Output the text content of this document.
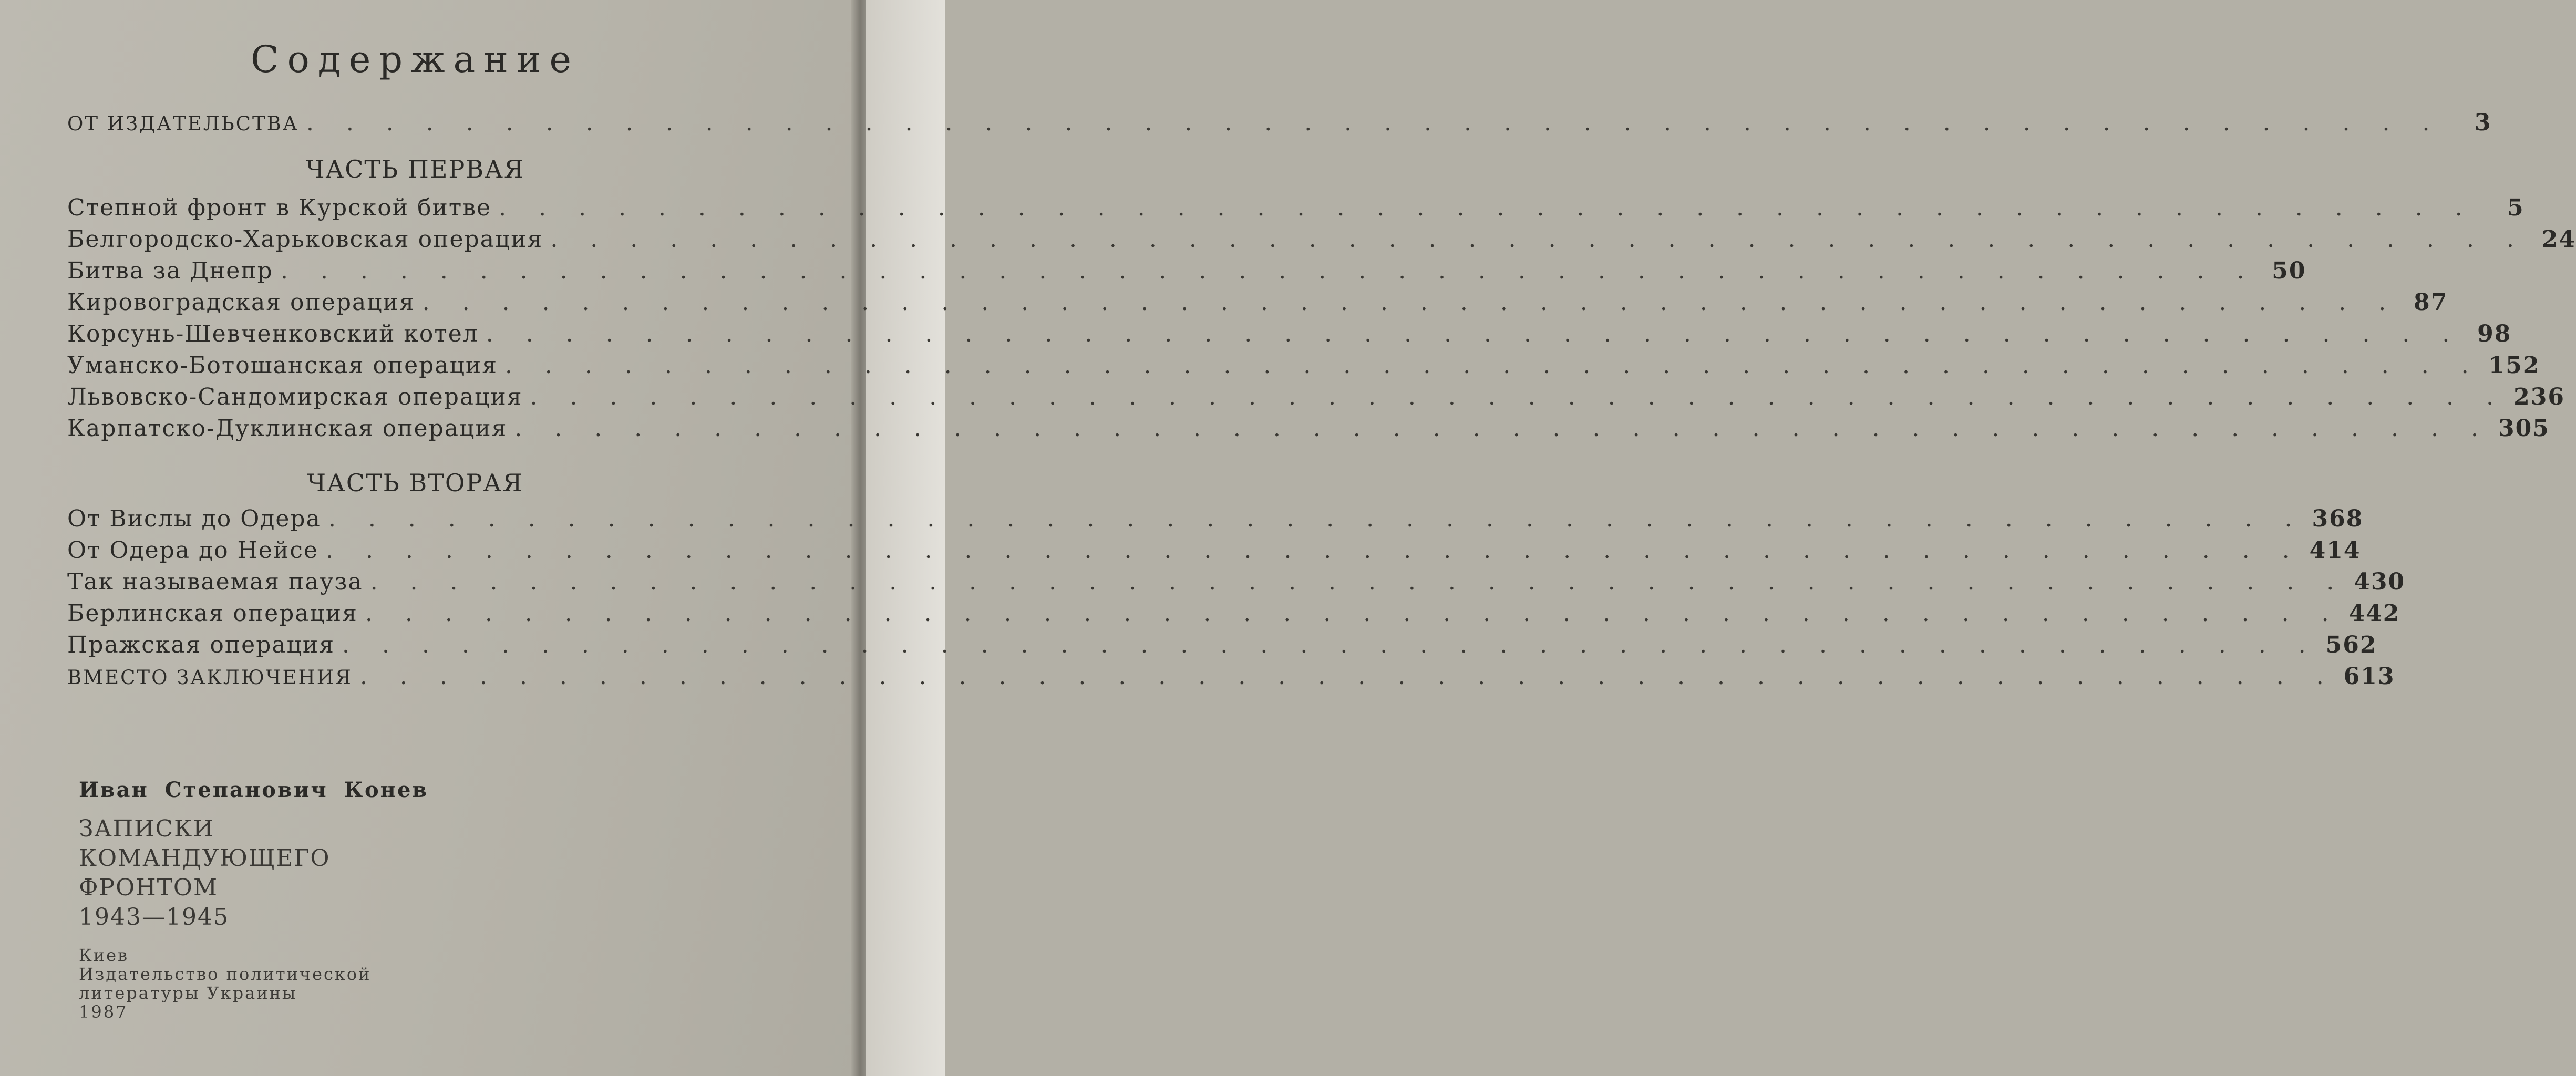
Содержание
ОТ ИЗДАТЕЛЬСТВА . . . . . . . . . . . . . . . . . . . . . . . . . . . . . . . . . . . . . . . . . . . . . . . . . . . . . .	3
ЧАСТЬ ПЕРВАЯ
Степной фронт в Курской битве . . . . . . . . . . . . . . . . . . . . . . . . . . . . . . . . . . . . . . . . . . . . . . . . . .	5
Белгородско-Харьковская операция . . . . . . . . . . . . . . . . . . . . . . . . . . . . . . . . . . . . . . . . . . . . . . . . . . 24
Битва за Днепр . . . . . . . . . . . . . . . . . . . . . . . . . . . . . . . . . . . . . . . . . . . . . . . . . . 50
Кировоградская операция . . . . . . . . . . . . . . . . . . . . . . . . . . . . . . . . . . . . . . . . . . . . . . . . . . 87
Корсунь-Шевченковский котел . . . . . . . . . . . . . . . . . . . . . . . . . . . . . . . . . . . . . . . . . . . . . . . . . . 98
Уманско-Ботошанская операция . . . . . . . . . . . . . . . . . . . . . . . . . . . . . . . . . . . . . . . . . . . . . . . . . . 152
Львовско-Сандомирская операция . . . . . . . . . . . . . . . . . . . . . . . . . . . . . . . . . . . . . . . . . . . . . . . . . . 236
Карпатско-Дуклинская операция . . . . . . . . . . . . . . . . . . . . . . . . . . . . . . . . . . . . . . . . . . . . . . . . . . 305
ЧАСТЬ ВТОРАЯ
От Вислы до Одера . . . . . . . . . . . . . . . . . . . . . . . . . . . . . . . . . . . . . . . . . . . . . . . . . . 368
От Одера до Нейсе . . . . . . . . . . . . . . . . . . . . . . . . . . . . . . . . . . . . . . . . . . . . . . . . . . 414
Так называемая пауза . . . . . . . . . . . . . . . . . . . . . . . . . . . . . . . . . . . . . . . . . . . . . . . . . . 430
Берлинская операция . . . . . . . . . . . . . . . . . . . . . . . . . . . . . . . . . . . . . . . . . . . . . . . . . . 442
Пражская операция . . . . . . . . . . . . . . . . . . . . . . . . . . . . . . . . . . . . . . . . . . . . . . . . . . 562
ВМЕСТО ЗАКЛЮЧЕНИЯ . . . . . . . . . . . . . . . . . . . . . . . . . . . . . . . . . . . . . . . . . . . . . . . . . . 613
Иван Степанович Конев
ЗАПИСКИ
КОМАНДУЮЩЕГО
ФРОНТОМ
1943—1945
Киев
Издательство политической
литературы Украины
1987
